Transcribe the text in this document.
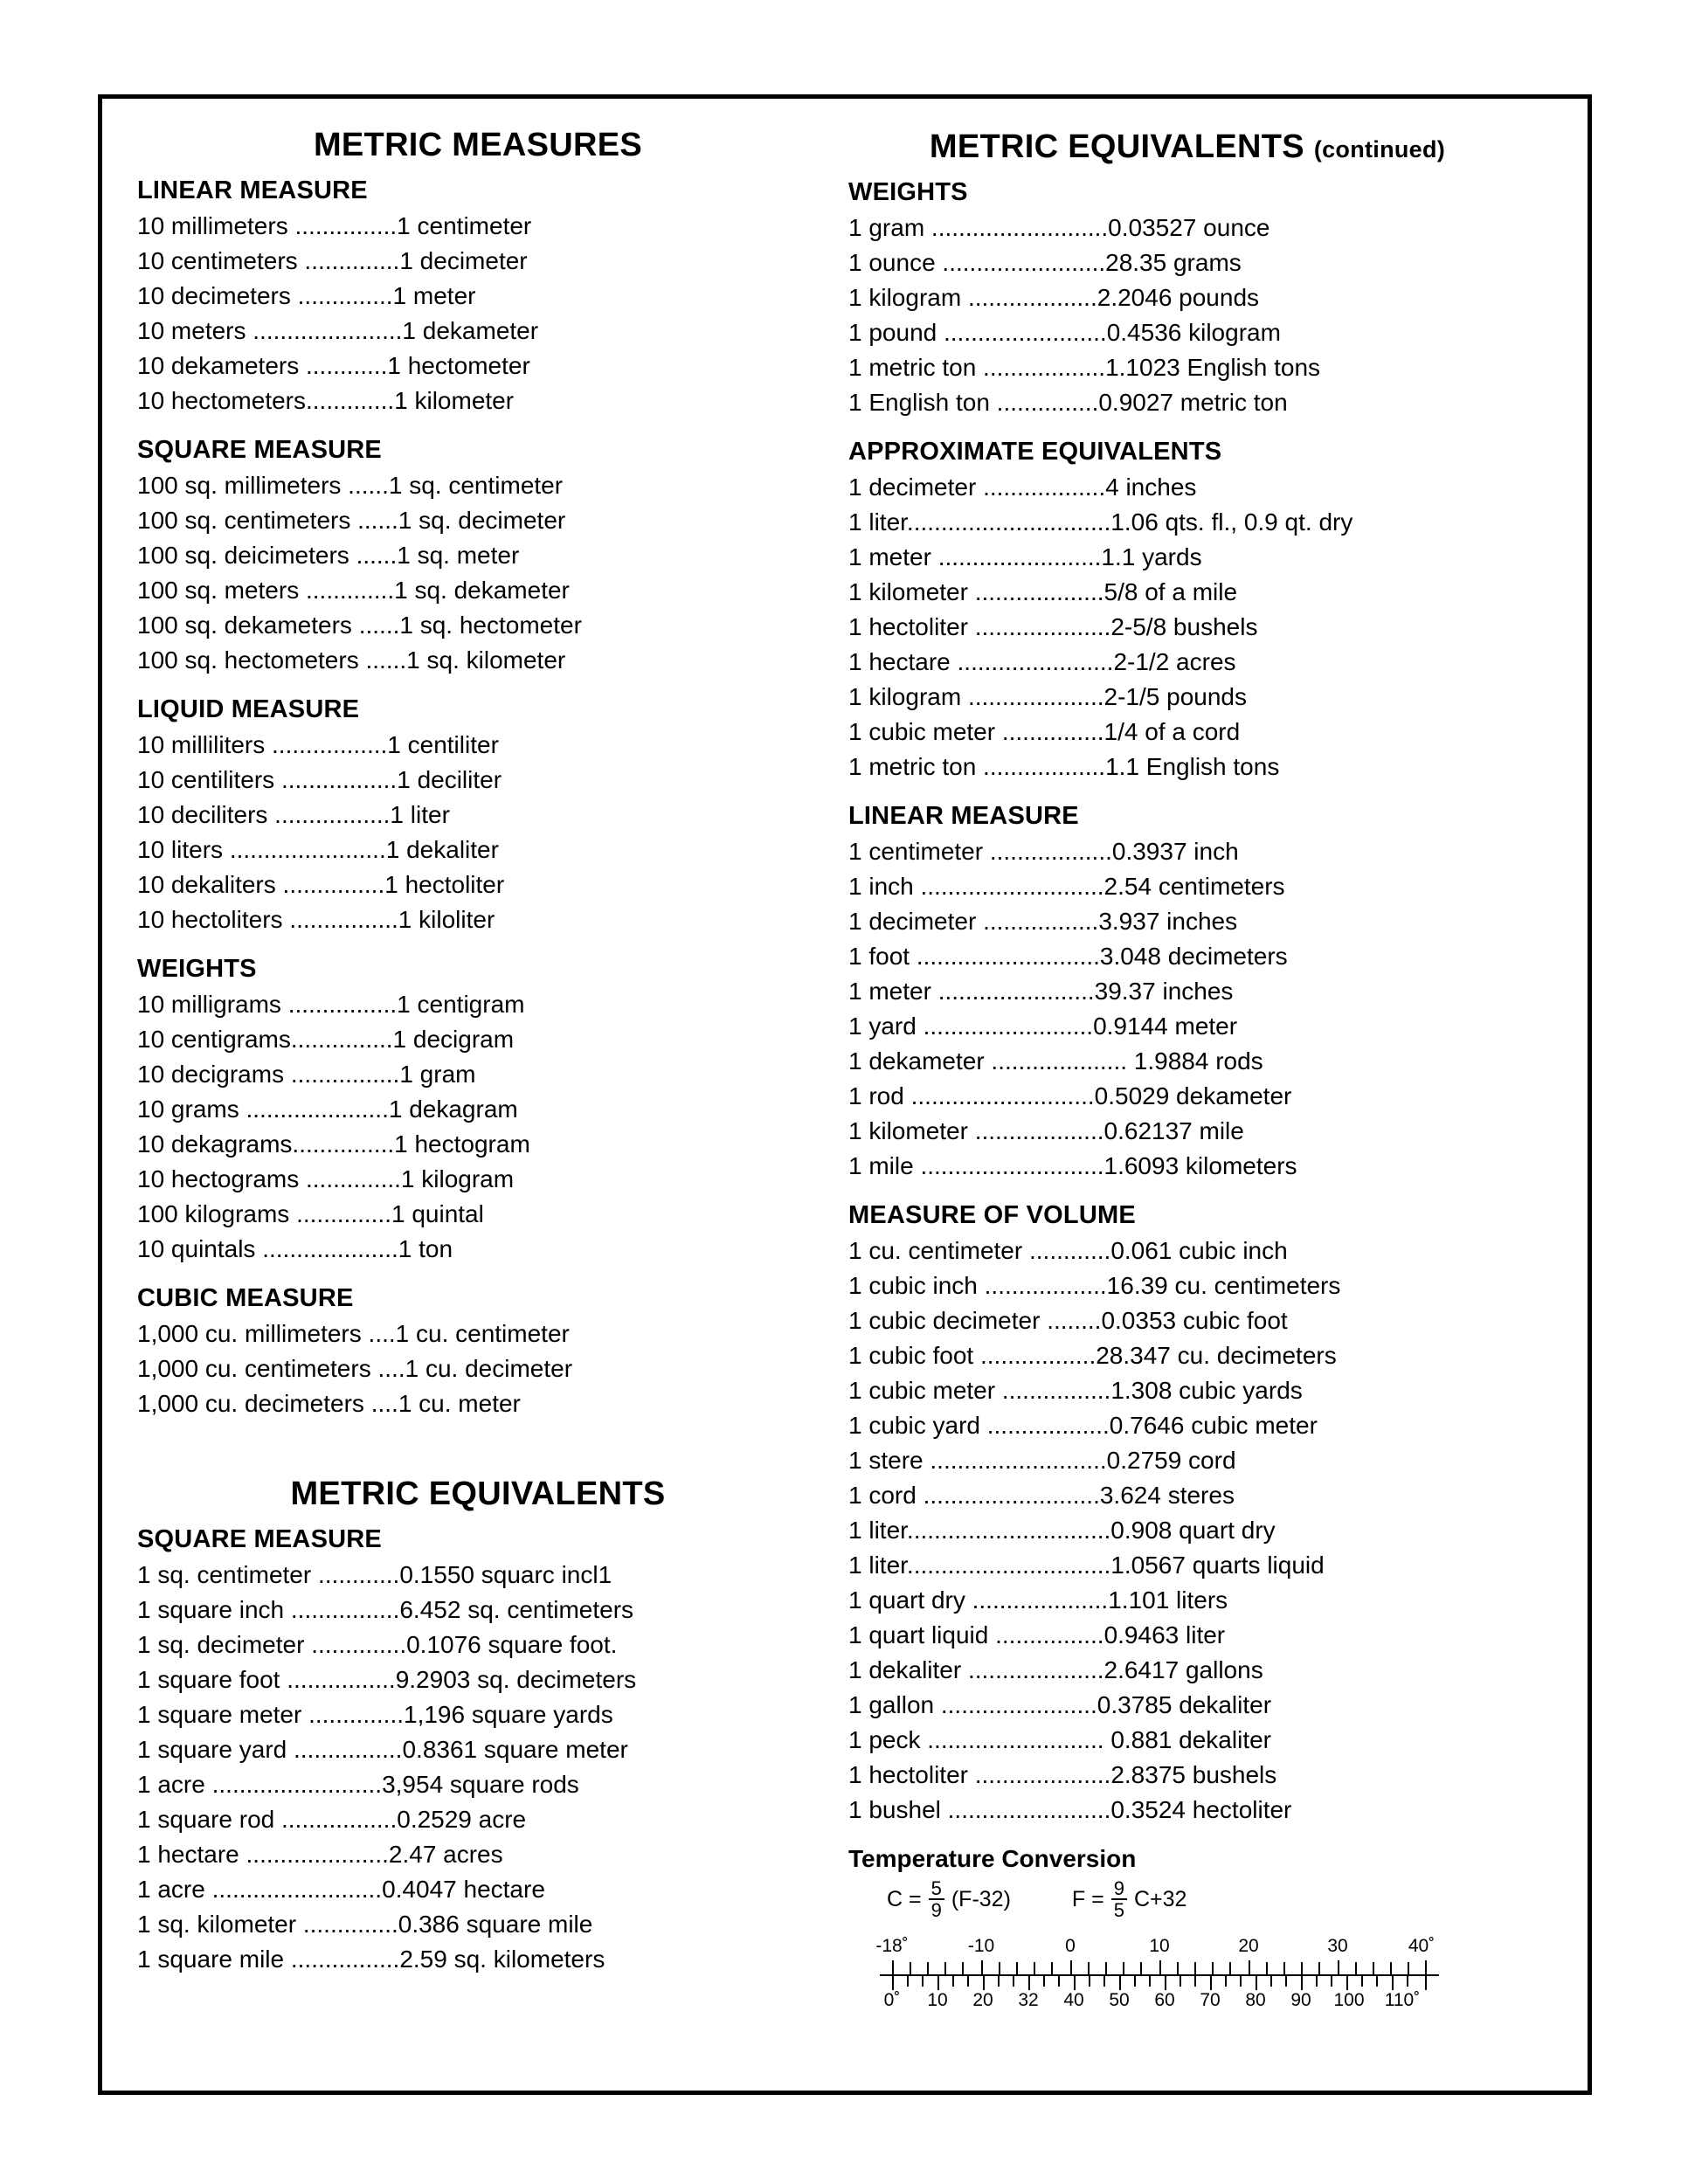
METRIC MEASURES
LINEAR MEASURE
10 millimeters ...............1 centimeter
10 centimeters ..............1 decimeter
10 decimeters ..............1 meter
10 meters ......................1 dekameter
10 dekameters ............1 hectometer
10 hectometers.............1 kilometer
SQUARE MEASURE
100 sq. millimeters ......1 sq. centimeter
100 sq. centimeters ......1 sq. decimeter
100 sq. deicimeters ......1 sq. meter
100 sq. meters .............1 sq. dekameter
100 sq. dekameters ......1 sq. hectometer
100 sq. hectometers ......1 sq. kilometer
LIQUID MEASURE
10 milliliters .................1 centiliter
10 centiliters .................1 deciliter
10 deciliters .................1 liter
10 liters .......................1 dekaliter
10 dekaliters ...............1 hectoliter
10 hectoliters ................1 kiloliter
WEIGHTS
10 milligrams ................1 centigram
10 centigrams...............1 decigram
10 decigrams ................1 gram
10 grams .....................1 dekagram
10 dekagrams...............1 hectogram
10 hectograms ..............1 kilogram
100 kilograms ..............1 quintal
10 quintals ....................1 ton
CUBIC MEASURE
1,000 cu. millimeters ....1 cu. centimeter
1,000 cu. centimeters ....1 cu. decimeter
1,000 cu. decimeters ....1 cu. meter
METRIC EQUIVALENTS
SQUARE MEASURE
1 sq. centimeter ............0.1550 squarc incl1
1 square inch ................6.452 sq. centimeters
1 sq. decimeter ..............0.1076 square foot.
1 square foot ................9.2903 sq. decimeters
1 square meter ..............1,196 square yards
1 square yard ................0.8361 square meter
1 acre .........................3,954 square rods
1 square rod .................0.2529 acre
1 hectare .....................2.47 acres
1 acre .........................0.4047 hectare
1 sq. kilometer ..............0.386 square mile
1 square mile ................2.59 sq. kilometers
METRIC EQUIVALENTS (continued)
WEIGHTS
1 gram ..........................0.03527 ounce
1 ounce ........................28.35 grams
1 kilogram ...................2.2046 pounds
1 pound ........................0.4536 kilogram
1 metric ton ..................1.1023 English tons
1 English ton ...............0.9027 metric ton
APPROXIMATE EQUIVALENTS
1 decimeter ..................4 inches
1 liter..............................1.06 qts. fl., 0.9 qt. dry
1 meter ........................1.1 yards
1 kilometer ...................5/8 of a mile
1 hectoliter ....................2-5/8 bushels
1 hectare .......................2-1/2 acres
1 kilogram ....................2-1/5 pounds
1 cubic meter ...............1/4 of a cord
1 metric ton ..................1.1 English tons
LINEAR MEASURE
1 centimeter ..................0.3937 inch
1 inch ...........................2.54 centimeters
1 decimeter .................3.937 inches
1 foot ...........................3.048 decimeters
1 meter .......................39.37 inches
1 yard .........................0.9144 meter
1 dekameter .................... 1.9884 rods
1 rod ...........................0.5029 dekameter
1 kilometer ...................0.62137 mile
1 mile ...........................1.6093 kilometers
MEASURE OF VOLUME
1 cu. centimeter ............0.061 cubic inch
1 cubic inch ..................16.39 cu. centimeters
1 cubic decimeter ........0.0353 cubic foot
1 cubic foot .................28.347 cu. decimeters
1 cubic meter ................1.308 cubic yards
1 cubic yard ..................0.7646 cubic meter
1 stere ..........................0.2759 cord
1 cord ..........................3.624 steres
1 liter..............................0.908 quart dry
1 liter..............................1.0567 quarts liquid
1 quart dry ....................1.101 liters
1 quart liquid ................0.9463 liter
1 dekaliter ....................2.6417 gallons
1 gallon .......................0.3785 dekaliter
1 peck .......................... 0.881 dekaliter
1 hectoliter ....................2.8375 bushels
1 bushel ........................0.3524 hectoliter
Temperature Conversion
$C = \frac{5}{9} (F-32)$	$F = \frac{9}{5} C+32$
-18˚	-10	0	10	20	30	40˚
0˚ 10 20 32 40 50 60 70 80 90 100 110˚
